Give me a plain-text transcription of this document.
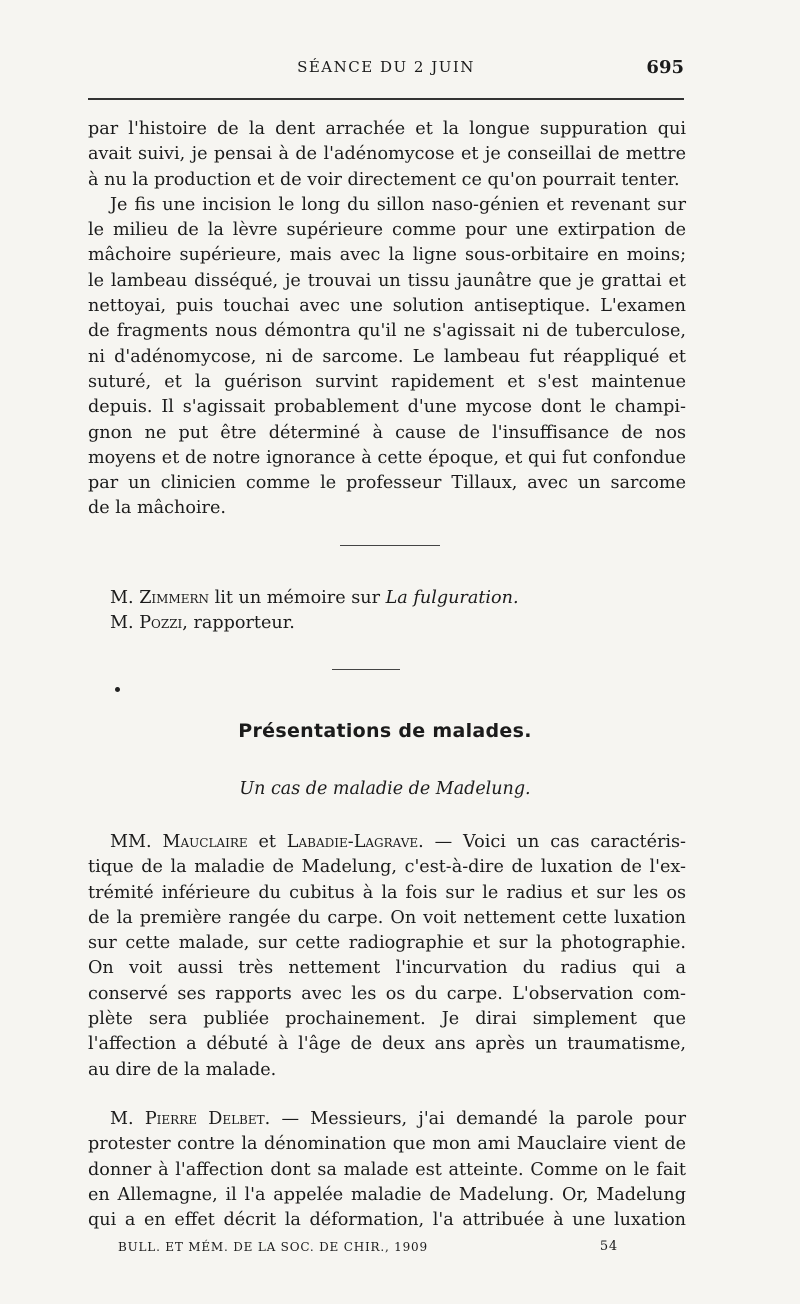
SÉANCE DU 2 JUIN	695

par l'histoire de la dent arrachée et la longue suppuration qui

avait suivi, je pensai à de l'adénomycose et je conseillai de mettre

à nu la production et de voir directement ce qu'on pourrait tenter.

Je fis une incision le long du sillon naso-génien et revenant sur

le milieu de la lèvre supérieure comme pour une extirpation de

mâchoire supérieure, mais avec la ligne sous-orbitaire en moins;

le lambeau disséqué, je trouvai un tissu jaunâtre que je grattai et

nettoyai, puis touchai avec une solution antiseptique. L'examen

de fragments nous démontra qu'il ne s'agissait ni de tuberculose,

ni d'adénomycose, ni de sarcome. Le lambeau fut réappliqué et

suturé, et la guérison survint rapidement et s'est maintenue

depuis. Il s'agissait probablement d'une mycose dont le champi-

gnon ne put être déterminé à cause de l'insuffisance de nos

moyens et de notre ignorance à cette époque, et qui fut confondue

par un clinicien comme le professeur Tillaux, avec un sarcome

de la mâchoire.

M. Zimmern lit un mémoire sur La fulguration.

M. Pozzi, rapporteur.

Présentations de malades.
Un cas de maladie de Madelung.

MM. Mauclaire et Labadie-Lagrave. — Voici un cas caractéris-

tique de la maladie de Madelung, c'est-à-dire de luxation de l'ex-

trémité inférieure du cubitus à la fois sur le radius et sur les os

de la première rangée du carpe. On voit nettement cette luxation

sur cette malade, sur cette radiographie et sur la photographie.

On voit aussi très nettement l'incurvation du radius qui a

conservé ses rapports avec les os du carpe. L'observation com-

plète sera publiée prochainement. Je dirai simplement que

l'affection a débuté à l'âge de deux ans après un traumatisme,

au dire de la malade.

M. Pierre Delbet. — Messieurs, j'ai demandé la parole pour

protester contre la dénomination que mon ami Mauclaire vient de

donner à l'affection dont sa malade est atteinte. Comme on le fait

en Allemagne, il l'a appelée maladie de Madelung. Or, Madelung

qui a en effet décrit la déformation, l'a attribuée à une luxation

BULL. ET MÉM. DE LA SOC. DE CHIR., 1909	54
